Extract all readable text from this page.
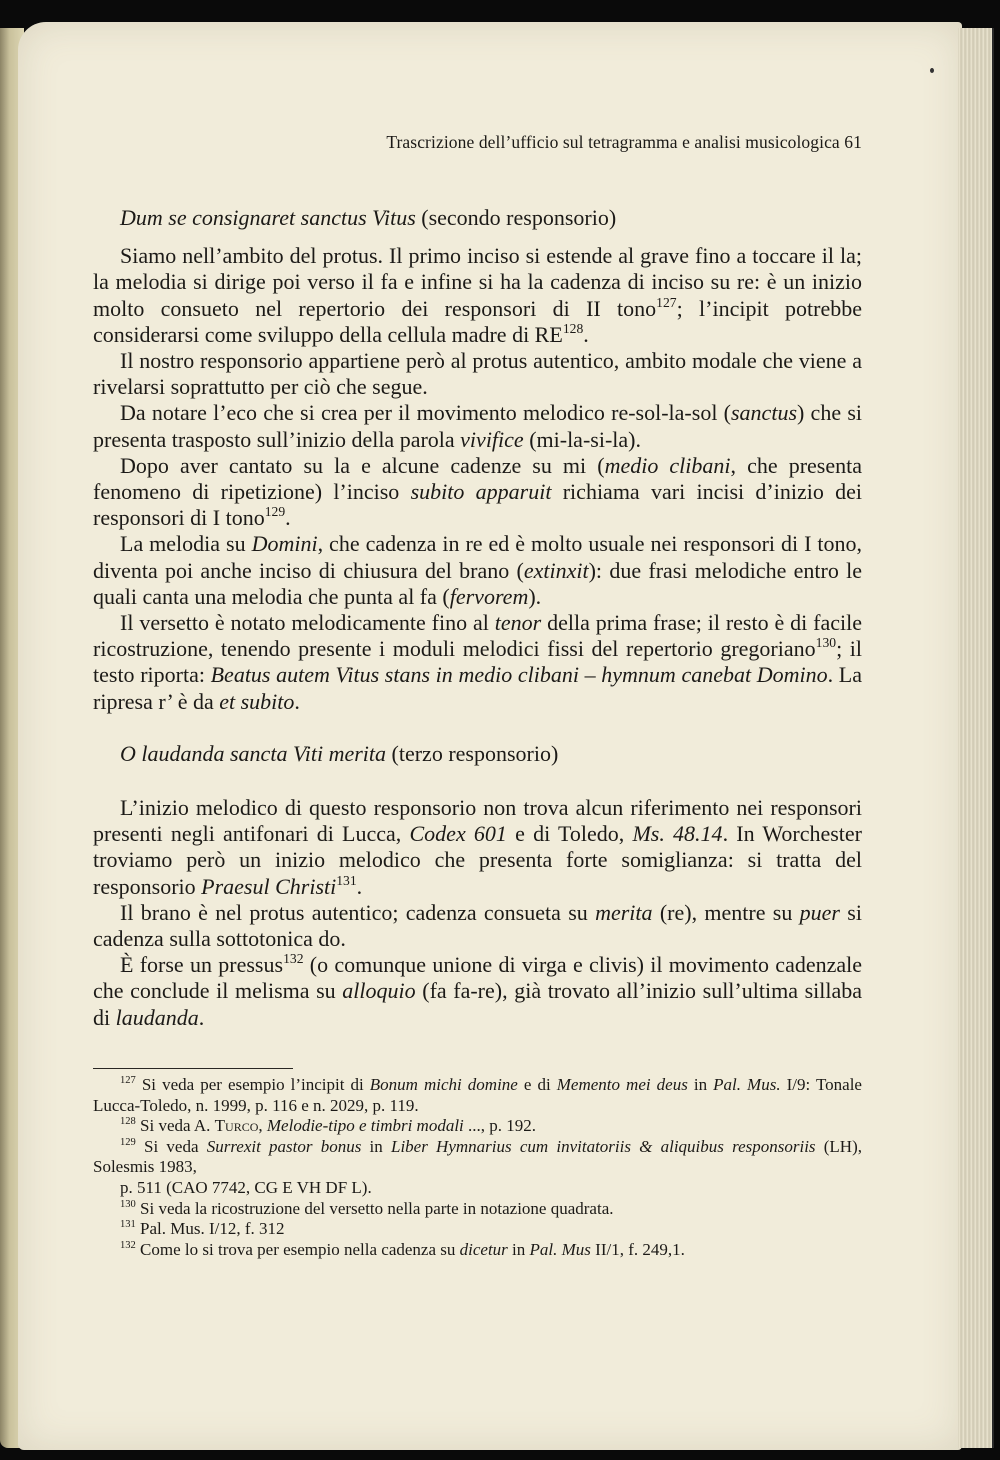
Trascrizione dell’ufficio sul tetragramma e analisi musicologica 61

Dum se consignaret sanctus Vitus (secondo responsorio)

Siamo nell’ambito del protus. Il primo inciso si estende al grave fino a toccare il la; la melodia si dirige poi verso il fa e infine si ha la cadenza di inciso su re: è un inizio molto consueto nel repertorio dei responsori di II tono$^{127}$; l’incipit potrebbe considerarsi come sviluppo della cellula madre di RE$^{128}$.

Il nostro responsorio appartiene però al protus autentico, ambito modale che viene a rivelarsi soprattutto per ciò che segue.

Da notare l’eco che si crea per il movimento melodico re-sol-la-sol (sanctus) che si presenta trasposto sull’inizio della parola vivifice (mi-la-si-la).

Dopo aver cantato su la e alcune cadenze su mi (medio clibani, che presenta fenomeno di ripetizione) l’inciso subito apparuit richiama vari incisi d’inizio dei responsori di I tono$^{129}$.

La melodia su Domini, che cadenza in re ed è molto usuale nei responsori di I tono, diventa poi anche inciso di chiusura del brano (extinxit): due frasi melodiche entro le quali canta una melodia che punta al fa (fervorem).

Il versetto è notato melodicamente fino al tenor della prima frase; il resto è di facile ricostruzione, tenendo presente i moduli melodici fissi del repertorio gregoriano$^{130}$; il testo riporta: Beatus autem Vitus stans in medio clibani – hymnum canebat Domino. La ripresa r’ è da et subito.

O laudanda sancta Viti merita (terzo responsorio)

L’inizio melodico di questo responsorio non trova alcun riferimento nei responsori presenti negli antifonari di Lucca, Codex 601 e di Toledo, Ms. 48.14. In Worchester troviamo però un inizio melodico che presenta forte somiglianza: si tratta del responsorio Praesul Christi$^{131}$.

Il brano è nel protus autentico; cadenza consueta su merita (re), mentre su puer si cadenza sulla sottotonica do.

È forse un pressus$^{132}$ (o comunque unione di virga e clivis) il movimento cadenzale che conclude il melisma su alloquio (fa fa-re), già trovato all’inizio sull’ultima sillaba di laudanda.

$^{127}$ Si veda per esempio l’incipit di Bonum michi domine e di Memento mei deus in Pal. Mus. I/9: Tonale Lucca-Toledo, n. 1999, p. 116 e n. 2029, p. 119.

$^{128}$ Si veda A. Turco, Melodie-tipo e timbri modali ..., p. 192.

$^{129}$ Si veda Surrexit pastor bonus in Liber Hymnarius cum invitatoriis & aliquibus responsoriis (LH), Solesmis 1983,

p. 511 (CAO 7742, CG E VH DF L).

$^{130}$ Si veda la ricostruzione del versetto nella parte in notazione quadrata.

$^{131}$ Pal. Mus. I/12, f. 312

$^{132}$ Come lo si trova per esempio nella cadenza su dicetur in Pal. Mus II/1, f. 249,1.
